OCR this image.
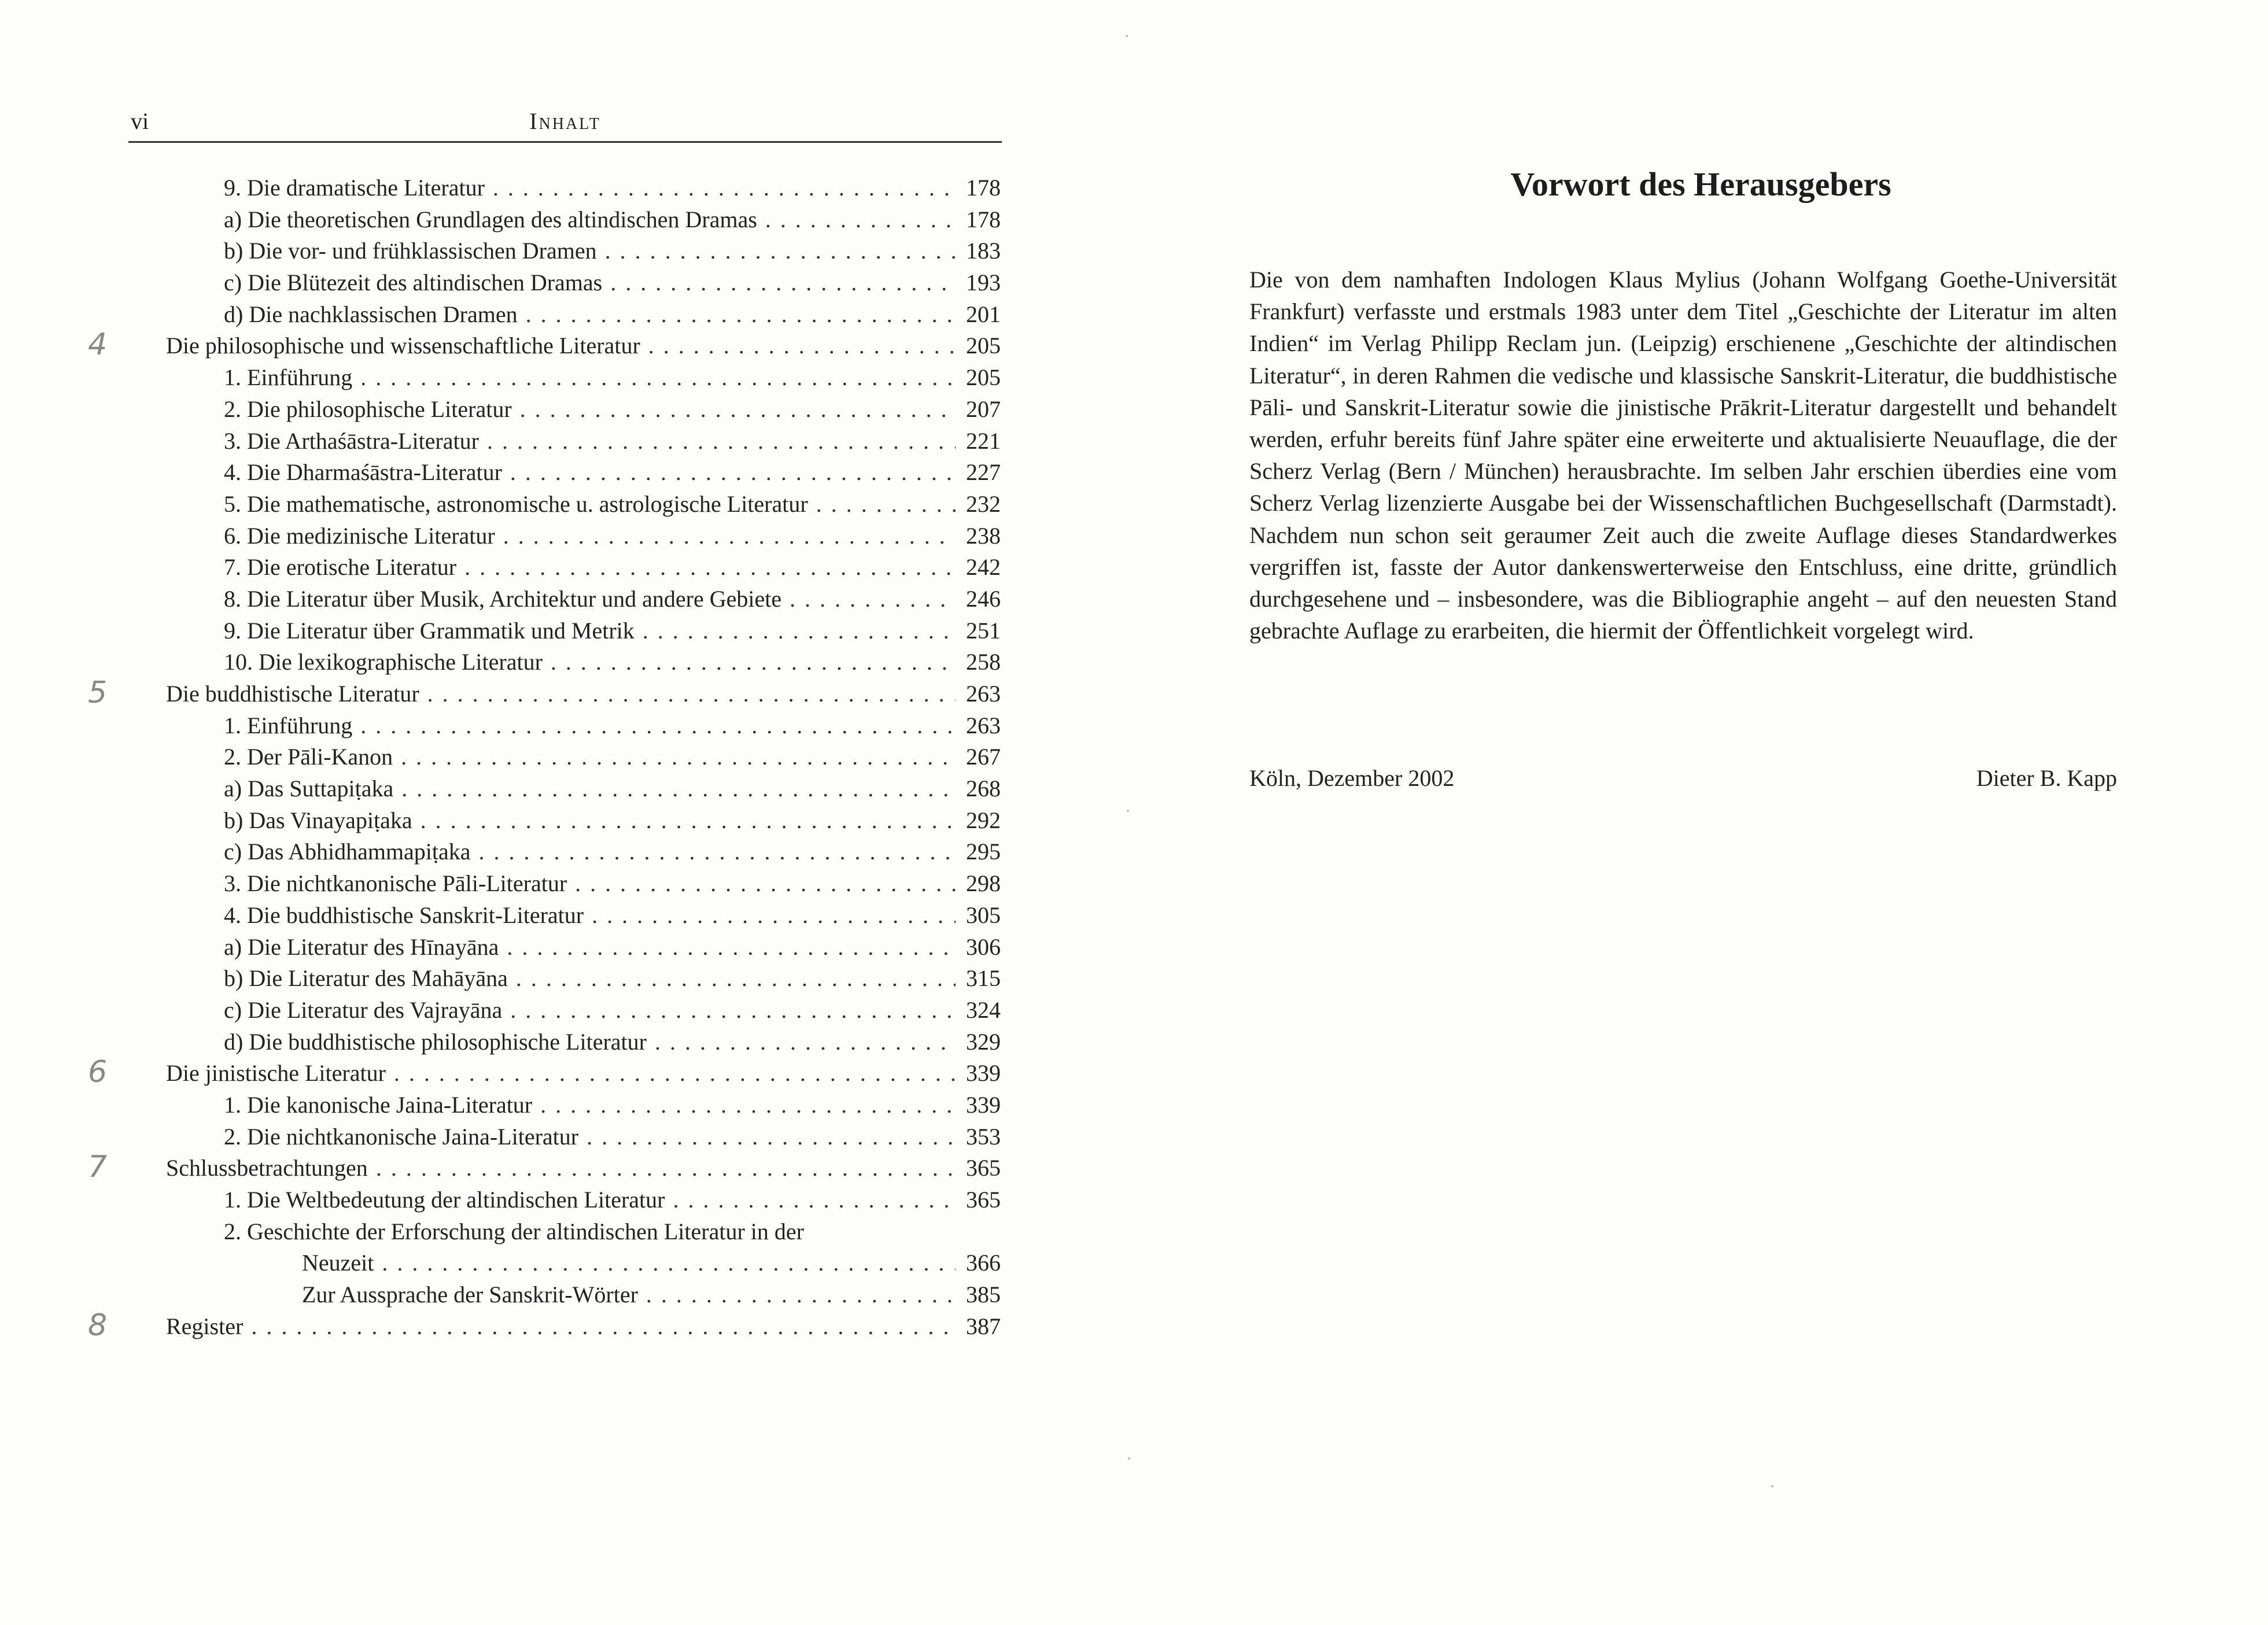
vi	Inhalt
9. Die dramatische Literatur . . .	178
a) Die theoretischen Grundlagen des altindischen Dramas . . .	178
b) Die vor- und frühklassischen Dramen . . .	183
c) Die Blütezeit des altindischen Dramas . . .	193
d) Die nachklassischen Dramen . . .	201
4	Die philosophische und wissenschaftliche Literatur . . .	205
1. Einführung . . .	205
2. Die philosophische Literatur . . .	207
3. Die Arthaśāstra-Literatur . . .	221
4. Die Dharmaśāstra-Literatur . . .	227
5. Die mathematische, astronomische u. astrologische Literatur . . .	232
6. Die medizinische Literatur . . .	238
7. Die erotische Literatur . . .	242
8. Die Literatur über Musik, Architektur und andere Gebiete . . .	246
9. Die Literatur über Grammatik und Metrik . . .	251
10. Die lexikographische Literatur . . .	258
5	Die buddhistische Literatur . . .	263
1. Einführung . . .	263
2. Der Pāli-Kanon . . .	267
a) Das Suttapiṭaka . . .	268
b) Das Vinayapiṭaka . . .	292
c) Das Abhidhammapiṭaka . . .	295
3. Die nichtkanonische Pāli-Literatur . . .	298
4. Die buddhistische Sanskrit-Literatur . . .	305
a) Die Literatur des Hīnayāna . . .	306
b) Die Literatur des Mahāyāna . . .	315
c) Die Literatur des Vajrayāna . . .	324
d) Die buddhistische philosophische Literatur . . .	329
6	Die jinistische Literatur . . .	339
1. Die kanonische Jaina-Literatur . . .	339
2. Die nichtkanonische Jaina-Literatur . . .	353
7	Schlussbetrachtungen . . .	365
1. Die Weltbedeutung der altindischen Literatur . . .	365
2. Geschichte der Erforschung der altindischen Literatur in der
Neuzeit . . .	366
Zur Aussprache der Sanskrit-Wörter . . .	385
8	Register . . .	387
Vorwort des Herausgebers
Die von dem namhaften Indologen Klaus Mylius (Johann Wolfgang Goethe-Universität Frankfurt) verfasste und erstmals 1983 unter dem Titel „Geschichte der Literatur im alten Indien“ im Verlag Philipp Reclam jun. (Leipzig) erschienene „Geschichte der altindischen Literatur“, in deren Rahmen die vedische und klassische Sanskrit-Literatur, die buddhistische Pāli- und Sanskrit-Literatur sowie die jinistische Prākrit-Literatur dargestellt und behandelt werden, erfuhr bereits fünf Jahre später eine erweiterte und aktualisierte Neuauflage, die der Scherz Verlag (Bern / München) herausbrachte. Im selben Jahr erschien überdies eine vom Scherz Verlag lizenzierte Ausgabe bei der Wissenschaftlichen Buchgesellschaft (Darmstadt). Nachdem nun schon seit geraumer Zeit auch die zweite Auflage dieses Standardwerkes vergriffen ist, fasste der Autor dankenswerterweise den Entschluss, eine dritte, gründlich durchgesehene und – insbesondere, was die Bibliographie angeht – auf den neuesten Stand gebrachte Auflage zu erarbeiten, die hiermit der Öffentlichkeit vorgelegt wird.
Köln, Dezember 2002	Dieter B. Kapp
